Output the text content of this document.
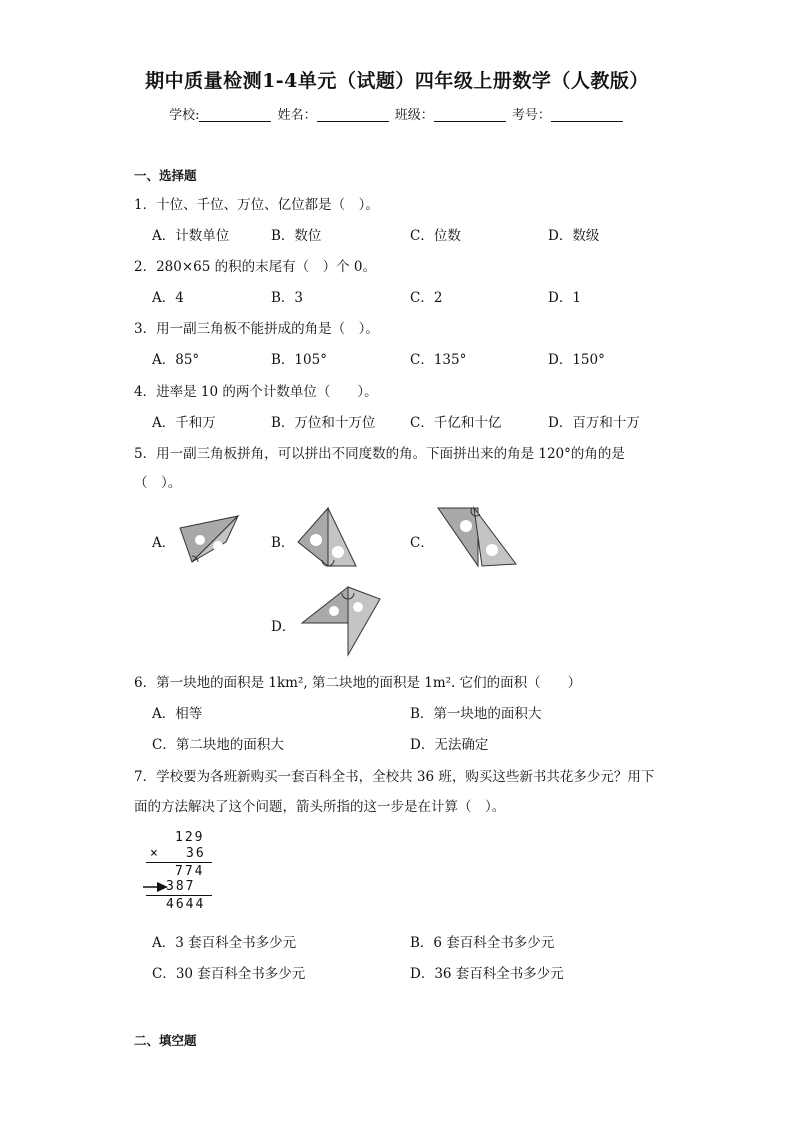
期中质量检测1-4单元（试题）四年级上册数学（人教版）
学校:	姓名：	班级：	考号：
一、选择题
1．十位、千位、万位、亿位都是（　）。
A．计数单位	B．数位	C．位数	D．数级
2．280×65 的积的末尾有（　）个 0。
A．4	B．3	C．2	D．1
3．用一副三角板不能拼成的角是（　）。
A．85°	B．105°	C．135°	D．150°
4．进率是 10 的两个计数单位（　　）。
A．千和万	B．万位和十万位	C．千亿和十亿	D．百万和十万
5．用一副三角板拼角，可以拼出不同度数的角。下面拼出来的角是 120°的角的是
（　）。
A．	B．	C．
D．
6．第一块地的面积是 1km², 第二块地的面积是 1m². 它们的面积（　　）
A．相等	B．第一块地的面积大
C．第二块地的面积大	D．无法确定
7．学校要为各班新购买一套百科全书，全校共 36 班，购买这些新书共花多少元？用下
面的方法解决了这个问题，箭头所指的这一步是在计算（　）。
129
× 36
774
387
4644
A．3 套百科全书多少元	B．6 套百科全书多少元
C．30 套百科全书多少元	D．36 套百科全书多少元
二、填空题
